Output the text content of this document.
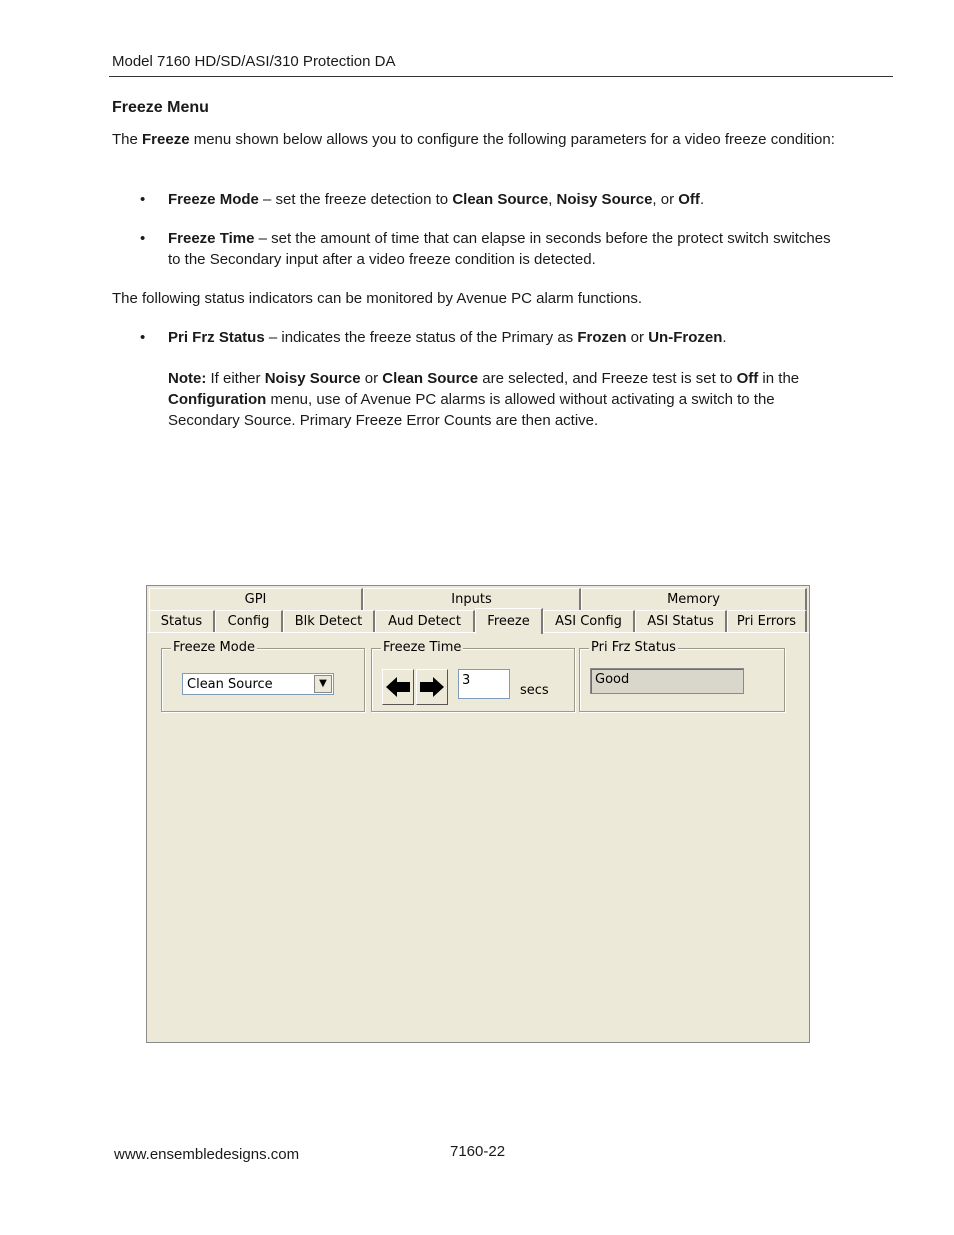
Model 7160 HD/SD/ASI/310 Protection DA
Freeze Menu
The Freeze menu shown below allows you to configure the following parameters for a video freeze condition:
• Freeze Mode – set the freeze detection to Clean Source, Noisy Source, or Off.
• Freeze Time – set the amount of time that can elapse in seconds before the protect switch switches to the Secondary input after a video freeze condition is detected.
The following status indicators can be monitored by Avenue PC alarm functions.
• Pri Frz Status – indicates the freeze status of the Primary as Frozen or Un-Frozen.
Note: If either Noisy Source or Clean Source are selected, and Freeze test is set to Off in the Configuration menu, use of Avenue PC alarms is allowed without activating a switch to the Secondary Source. Primary Freeze Error Counts are then active.
GPI	Inputs	Memory
Status	Config	Blk Detect	Aud Detect	Freeze	ASI Config	ASI Status	Pri Errors
Freeze Mode
Clean Source	▼
Freeze Time
3
secs
Pri Frz Status
Good
www.ensembledesigns.com	7160-22
